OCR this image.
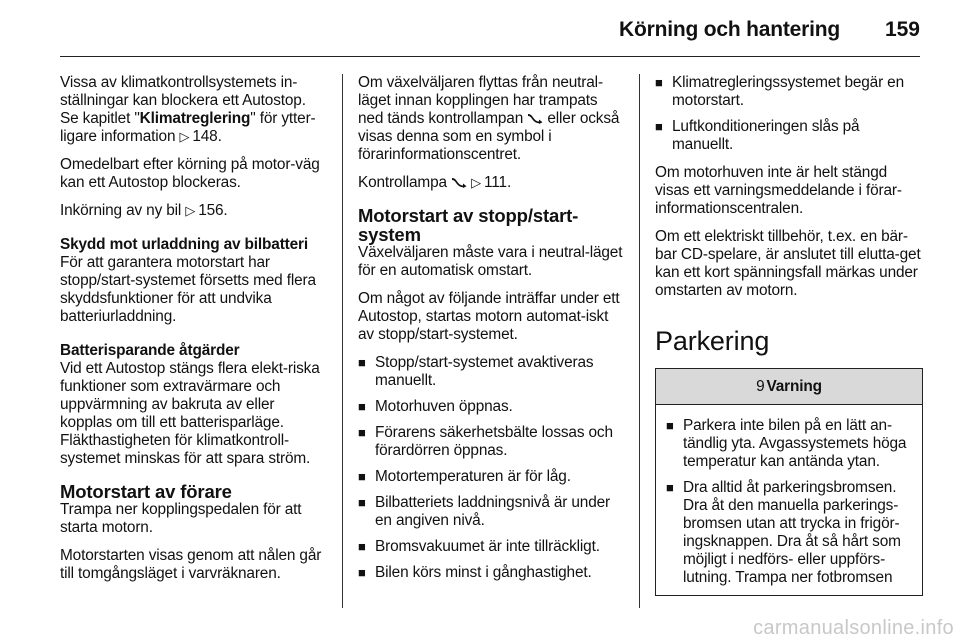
Körning och hantering 159

Vissa av klimatkontrollsystemets in-ställningar kan blockera ett Autostop. Se kapitlet "Klimatreglering" för ytter-ligare information ▷ 148.

Omedelbart efter körning på motor-väg kan ett Autostop blockeras.

Inkörning av ny bil ▷ 156.

Skydd mot urladdning av bilbatteri

För att garantera motorstart har stopp/start-systemet försetts med flera skyddsfunktioner för att undvika batteriurladdning.

Batterisparande åtgärder

Vid ett Autostop stängs flera elekt-riska funktioner som extravärmare och uppvärmning av bakruta av eller kopplas om till ett batterisparläge. Fläkthastigheten för klimatkontroll-systemet minskas för att spara ström.

Motorstart av förare

Trampa ner kopplingspedalen för att starta motorn.

Motorstarten visas genom att nålen går till tomgångsläget i varvräknaren.

Om växelväljaren flyttas från neutral-läget innan kopplingen har trampats ned tänds kontrollampan  eller också visas denna som en symbol i förarinformationscentret.

Kontrollampa  ▷ 111.

Motorstart av stopp/start-system

Växelväljaren måste vara i neutral-läget för en automatisk omstart.

Om något av följande inträffar under ett Autostop, startas motorn automat-iskt av stopp/start-systemet.

■ Stopp/start-systemet avaktiveras manuellt.
■ Motorhuven öppnas.
■ Förarens säkerhetsbälte lossas och förardörren öppnas.
■ Motortemperaturen är för låg.
■ Bilbatteriets laddningsnivå är under en angiven nivå.
■ Bromsvakuumet är inte tillräckligt.
■ Bilen körs minst i gånghastighet.
■ Klimatregleringssystemet begär en motorstart.
■ Luftkonditioneringen slås på manuellt.

Om motorhuven inte är helt stängd visas ett varningsmeddelande i förar-informationscentralen.

Om ett elektriskt tillbehör, t.ex. en bär-bar CD-spelare, är anslutet till elutta-get kan ett kort spänningsfall märkas under omstarten av motorn.

Parkering
9 Varning
■ Parkera inte bilen på en lätt an-tändlig yta. Avgassystemets höga temperatur kan antända ytan.
■ Dra alltid åt parkeringsbromsen. Dra åt den manuella parkerings-bromsen utan att trycka in frigör-ingsknappen. Dra åt så hårt som möjligt i nedförs- eller uppförs-lutning. Trampa ner fotbromsen
carmanualsonline.info
